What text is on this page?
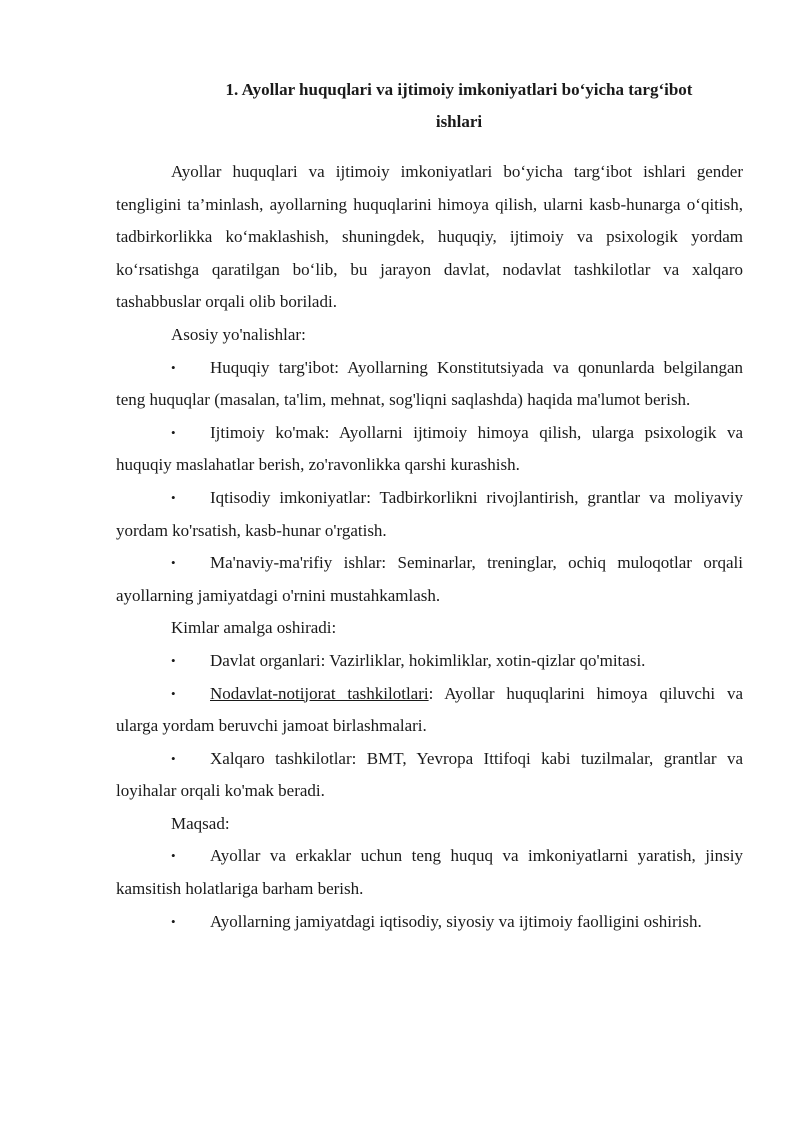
1. Ayollar huquqlari va ijtimoiy imkoniyatlari bo‘yicha targ‘ibot
ishlari

Ayollar huquqlari va ijtimoiy imkoniyatlari bo‘yicha targ‘ibot ishlari gender tengligini ta’minlash, ayollarning huquqlarini himoya qilish, ularni kasb-hunarga o‘qitish, tadbirkorlikka ko‘maklashish, shuningdek, huquqiy, ijtimoiy va psixologik yordam ko‘rsatishga qaratilgan bo‘lib, bu jarayon davlat, nodavlat tashkilotlar va xalqaro tashabbuslar orqali olib boriladi.

Asosiy yo'nalishlar:

• Huquqiy targ'ibot: Ayollarning Konstitutsiyada va qonunlarda belgilangan teng huquqlar (masalan, ta'lim, mehnat, sog'liqni saqlashda) haqida ma'lumot berish.

• Ijtimoiy ko'mak: Ayollarni ijtimoiy himoya qilish, ularga psixologik va huquqiy maslahatlar berish, zo'ravonlikka qarshi kurashish.

• Iqtisodiy imkoniyatlar: Tadbirkorlikni rivojlantirish, grantlar va moliyaviy yordam ko'rsatish, kasb-hunar o'rgatish.

• Ma'naviy-ma'rifiy ishlar: Seminarlar, treninglar, ochiq muloqotlar orqali ayollarning jamiyatdagi o'rnini mustahkamlash.

Kimlar amalga oshiradi:

• Davlat organlari: Vazirliklar, hokimliklar, xotin-qizlar qo'mitasi.

• Nodavlat-notijorat tashkilotlari: Ayollar huquqlarini himoya qiluvchi va ularga yordam beruvchi jamoat birlashmalari.

• Xalqaro tashkilotlar: BMT, Yevropa Ittifoqi kabi tuzilmalar, grantlar va loyihalar orqali ko'mak beradi.

Maqsad:

• Ayollar va erkaklar uchun teng huquq va imkoniyatlarni yaratish, jinsiy kamsitish holatlariga barham berish.

• Ayollarning jamiyatdagi iqtisodiy, siyosiy va ijtimoiy faolligini oshirish.
